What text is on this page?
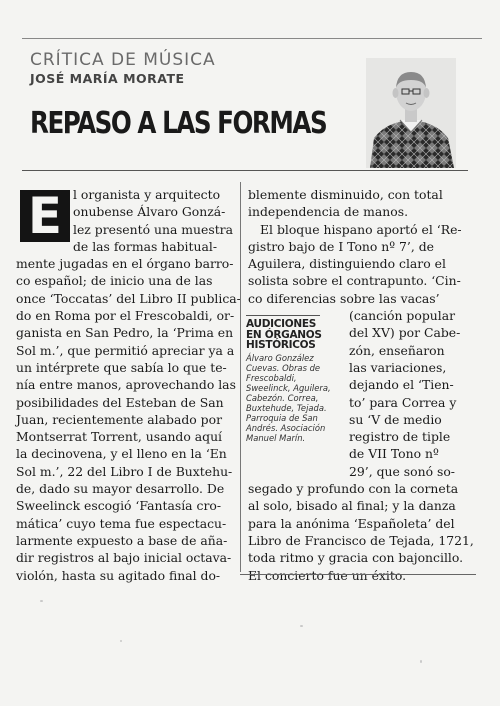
CRÍTICA DE MÚSICA
JOSÉ MARÍA MORATE
REPASO A LAS FORMAS
E l organista y arquitecto
onubense Álvaro Gonzá-
lez presentó una muestra
de las formas habitual-
mente jugadas en el órgano barro-
co español; de inicio una de las
once ‘Toccatas’ del Libro II publica-
do en Roma por el Frescobaldi, or-
ganista en San Pedro, la ‘Prima en
Sol m.’, que permitió apreciar ya a
un intérprete que sabía lo que te-
nía entre manos, aprovechando las
posibilidades del Esteban de San
Juan, recientemente alabado por
Montserrat Torrent, usando aquí
la decinovena, y el lleno en la ‘En
Sol m.’, 22 del Libro I de Buxtehu-
de, dado su mayor desarrollo. De
Sweelinck escogió ‘Fantasía cro-
mática’ cuyo tema fue espectacu-
larmente expuesto a base de aña-
dir registros al bajo inicial octava-
violón, hasta su agitado final do-
blemente disminuido, con total
independencia de manos.
El bloque hispano aportó el ‘Re-
gistro bajo de I Tono nº 7’, de
Aguilera, distinguiendo claro el
solista sobre el contrapunto. ‘Cin-
co diferencias sobre las vacas’
(canción popular
del XV) por Cabe-
zón, enseñaron
las variaciones,
dejando el ‘Tien-
to’ para Correa y
su ‘V de medio
registro de tiple
de VII Tono nº
29’, que sonó so-
segado y profundo con la corneta
al solo, bisado al final; y la danza
para la anónima ‘Españoleta’ del
Libro de Francisco de Tejada, 1721,
toda ritmo y gracia con bajoncillo.
El concierto fue un éxito.
AUDICIONES
EN ÓRGANOS
HISTÓRICOS
Álvaro González
Cuevas. Obras de
Frescobaldi,
Sweelinck, Aguilera,
Cabezón. Correa,
Buxtehude, Tejada.
Parroquia de San
Andrés. Asociación
Manuel Marín.
